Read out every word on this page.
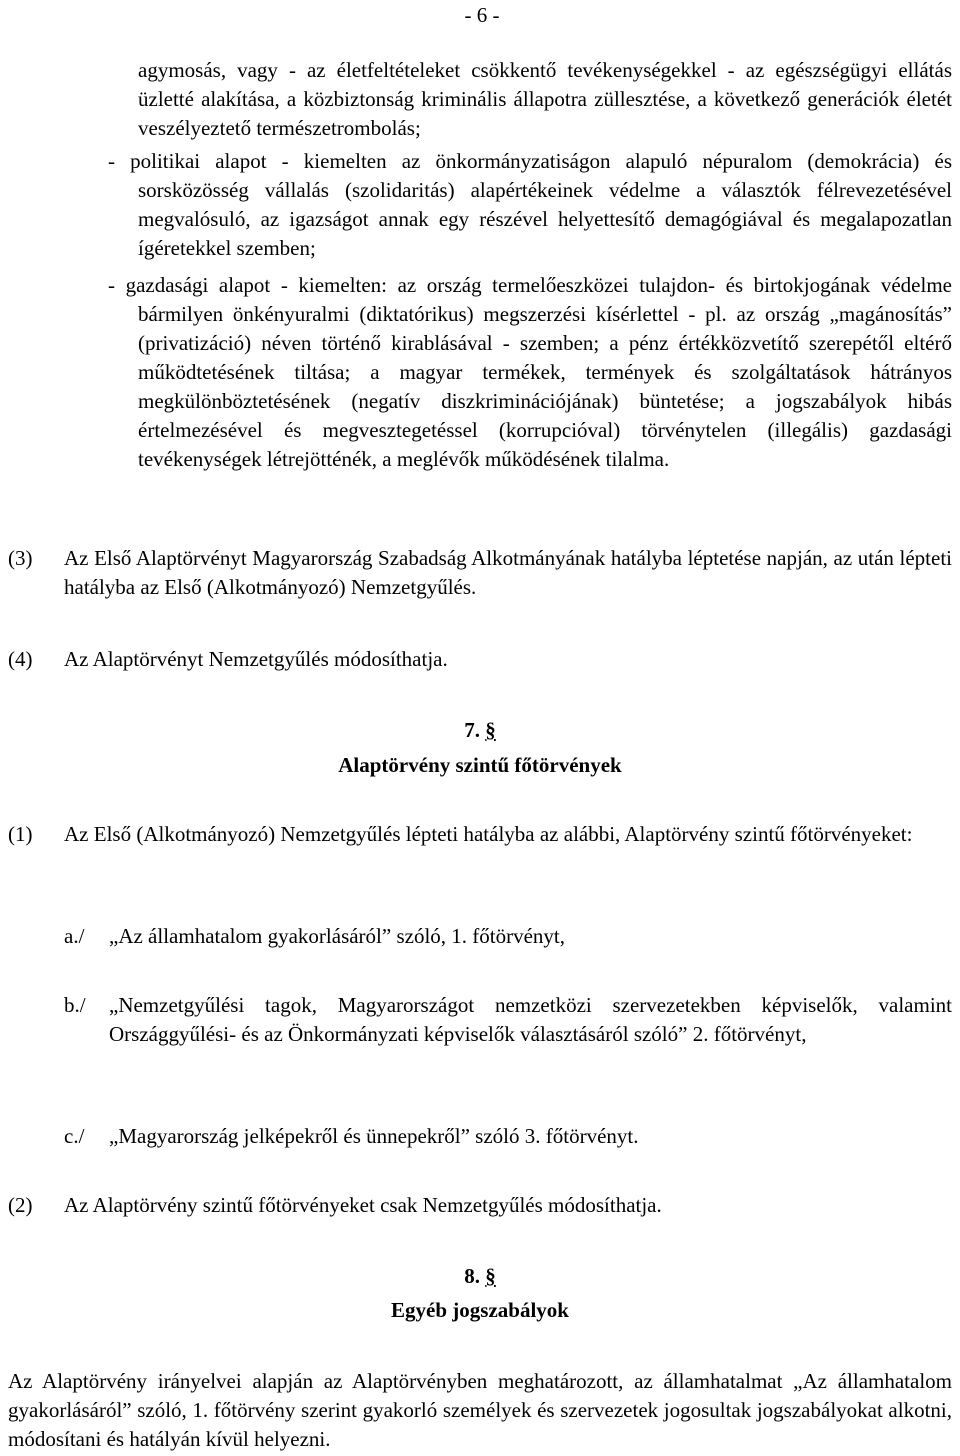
- 6 -
agymosás, vagy - az életfeltételeket csökkentő tevékenységekkel - az egészségügyi ellátás üzletté alakítása, a közbiztonság kriminális állapotra züllesztése, a következő generációk életét veszélyeztető természetrombolás;
- politikai alapot - kiemelten az önkormányzatiságon alapuló népuralom (demokrácia) és sorsközösség vállalás (szolidaritás) alapértékeinek védelme a választók félrevezetésével megvalósuló, az igazságot annak egy részével helyettesítő demagógiával és megalapozatlan ígéretekkel szemben;
- gazdasági alapot - kiemelten: az ország termelőeszközei tulajdon- és birtokjogának védelme bármilyen önkényuralmi (diktatórikus) megszerzési kísérlettel - pl. az ország „magánosítás” (privatizáció) néven történő kirablásával - szemben; a pénz értékközvetítő szerepétől eltérő működtetésének tiltása; a magyar termékek, termények és szolgáltatások hátrányos megkülönböztetésének (negatív diszkriminációjának) büntetése; a jogszabályok hibás értelmezésével és megvesztegetéssel (korrupcióval) törvénytelen (illegális) gazdasági tevékenységek létrejötténék, a meglévők működésének tilalma.
(3)	Az Első Alaptörvényt Magyarország Szabadság Alkotmányának hatályba léptetése napján, az után lépteti hatályba az Első (Alkotmányozó) Nemzetgyűlés.
(4)	Az Alaptörvényt Nemzetgyűlés módosíthatja.
7. §
Alaptörvény szintű főtörvények
(1)	Az Első (Alkotmányozó) Nemzetgyűlés lépteti hatályba az alábbi, Alaptörvény szintű főtörvényeket:
a./	„Az államhatalom gyakorlásáról” szóló, 1. főtörvényt,
b./	„Nemzetgyűlési tagok, Magyarországot nemzetközi szervezetekben képviselők, valamint Országgyűlési- és az Önkormányzati képviselők választásáról szóló” 2. főtörvényt,
c./	„Magyarország jelképekről és ünnepekről” szóló 3. főtörvényt.
(2)	Az Alaptörvény szintű főtörvényeket csak Nemzetgyűlés módosíthatja.
8. §
Egyéb jogszabályok
Az Alaptörvény irányelvei alapján az Alaptörvényben meghatározott, az államhatalmat „Az államhatalom gyakorlásáról” szóló, 1. főtörvény szerint gyakorló személyek és szervezetek jogosultak jogszabályokat alkotni, módosítani és hatályán kívül helyezni.
